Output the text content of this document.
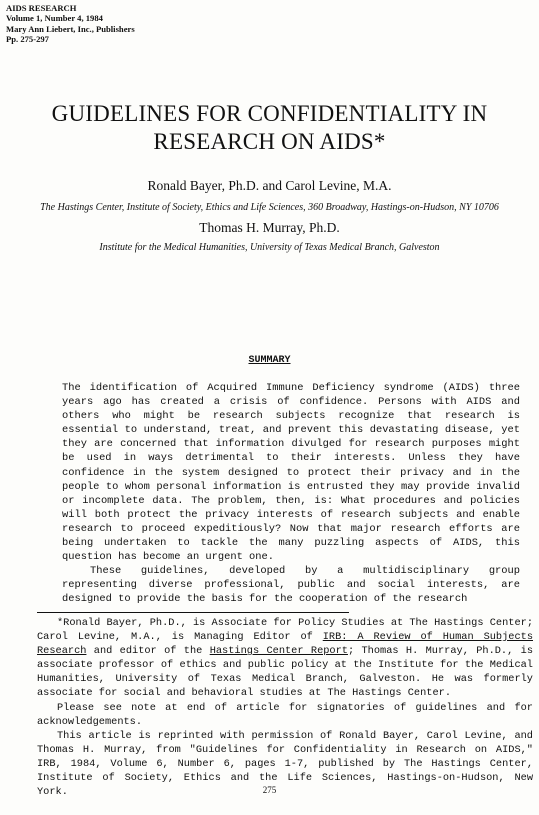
AIDS RESEARCH
Volume 1, Number 4, 1984
Mary Ann Liebert, Inc., Publishers
Pp. 275-297
GUIDELINES FOR CONFIDENTIALITY IN
RESEARCH ON AIDS*
Ronald Bayer, Ph.D. and Carol Levine, M.A.
The Hastings Center, Institute of Society, Ethics and Life Sciences, 360 Broadway, Hastings-on-Hudson, NY 10706
Thomas H. Murray, Ph.D.
Institute for the Medical Humanities, University of Texas Medical Branch, Galveston
SUMMARY

The identification of Acquired Immune Deficiency syndrome (AIDS) three years ago has created a crisis of confidence. Persons with AIDS and others who might be research subjects recognize that research is essential to understand, treat, and prevent this devastating disease, yet they are concerned that information divulged for research purposes might be used in ways detrimental to their interests. Unless they have confidence in the system designed to protect their privacy and in the people to whom personal information is entrusted they may provide invalid or incomplete data. The problem, then, is: What procedures and policies will both protect the privacy interests of research subjects and enable research to proceed expeditiously? Now that major research efforts are being undertaken to tackle the many puzzling aspects of AIDS, this question has become an urgent one.

These guidelines, developed by a multidisciplinary group representing diverse professional, public and social interests, are designed to provide the basis for the cooperation of the research

*Ronald Bayer, Ph.D., is Associate for Policy Studies at The Hastings Center; Carol Levine, M.A., is Managing Editor of IRB: A Review of Human Subjects Research and editor of the Hastings Center Report; Thomas H. Murray, Ph.D., is associate professor of ethics and public policy at the Institute for the Medical Humanities, University of Texas Medical Branch, Galveston. He was formerly associate for social and behavioral studies at The Hastings Center.

Please see note at end of article for signatories of guidelines and for acknowledgements.

This article is reprinted with permission of Ronald Bayer, Carol Levine, and Thomas H. Murray, from "Guidelines for Confidentiality in Research on AIDS," IRB, 1984, Volume 6, Number 6, pages 1-7, published by The Hastings Center, Institute of Society, Ethics and the Life Sciences, Hastings-on-Hudson, New York.	275
